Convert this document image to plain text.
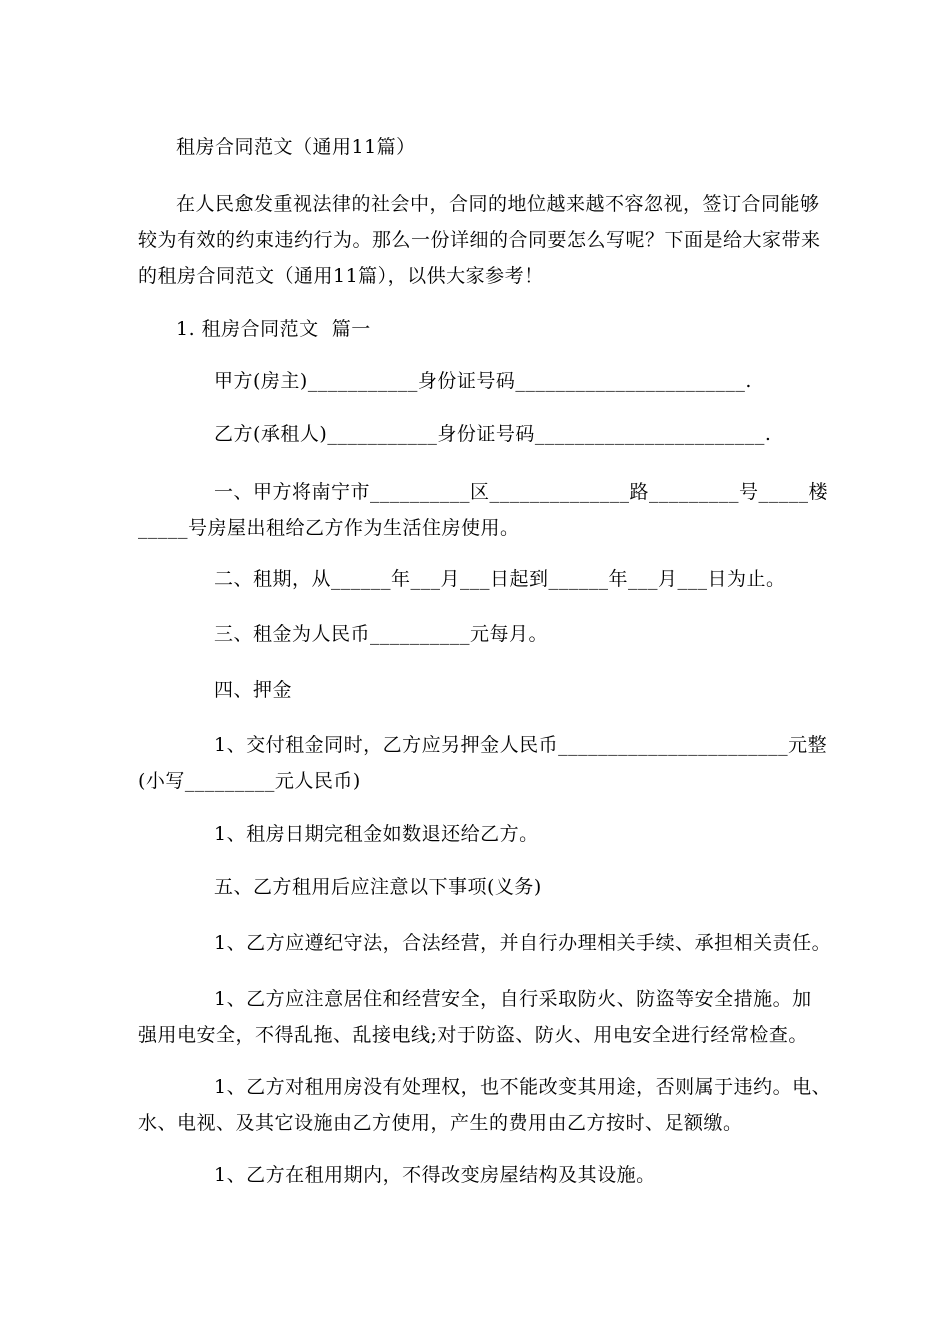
租房合同范文（通用11篇）
在人民愈发重视法律的社会中，合同的地位越来越不容忽视，签订合同能够
较为有效的约束违约行为。那么一份详细的合同要怎么写呢？下面是给大家带来
的租房合同范文（通用11篇），以供大家参考！
1. 租房合同范文  篇一
甲方(房主)___________身份证号码_______________________.
乙方(承租人)___________身份证号码_______________________.
一、甲方将南宁市__________区______________路_________号_____楼
_____号房屋出租给乙方作为生活住房使用。
二、租期，从______年___月___日起到______年___月___日为止。
三、租金为人民币__________元每月。
四、押金
1、交付租金同时，乙方应另押金人民币_______________________元整
(小写_________元人民币)
1、租房日期完租金如数退还给乙方。
五、乙方租用后应注意以下事项(义务)
1、乙方应遵纪守法，合法经营，并自行办理相关手续、承担相关责任。
1、乙方应注意居住和经营安全，自行采取防火、防盗等安全措施。加
强用电安全，不得乱拖、乱接电线;对于防盗、防火、用电安全进行经常检查。
1、乙方对租用房没有处理权，也不能改变其用途，否则属于违约。电、
水、电视、及其它设施由乙方使用，产生的费用由乙方按时、足额缴。
1、乙方在租用期内，不得改变房屋结构及其设施。
